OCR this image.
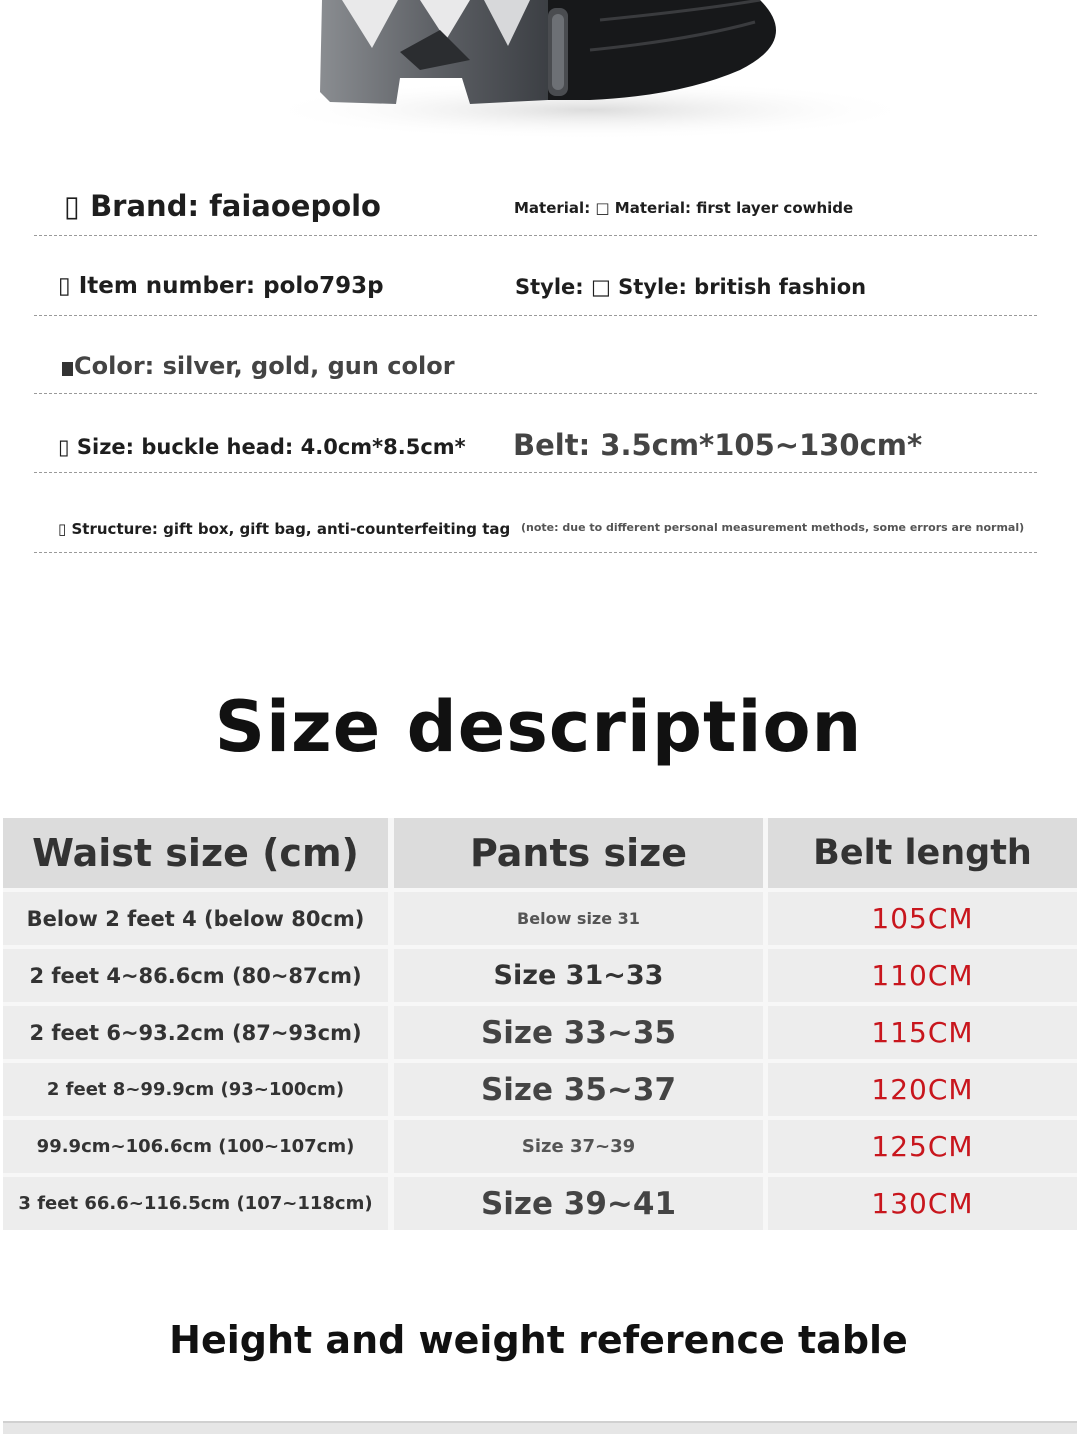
▯ Brand: faiaoepolo	Material: □ Material: first layer cowhide
▯ Item number: polo793p	Style: □ Style: british fashion
Color: silver, gold, gun color
▯ Size: buckle head: 4.0cm*8.5cm* Belt: 3.5cm*105~130cm*
▯ Structure: gift box, gift bag, anti-counterfeiting tag (note: due to different personal measurement methods, some errors are normal)
Size description
Waist size (cm)	Pants size	Belt length
Below 2 feet 4 (below 80cm)	Below size 31	105CM
2 feet 4~86.6cm (80~87cm)	Size 31~33	110CM
2 feet 6~93.2cm (87~93cm)	Size 33~35	115CM
2 feet 8~99.9cm (93~100cm)	Size 35~37	120CM
99.9cm~106.6cm (100~107cm)	Size 37~39	125CM
3 feet 66.6~116.5cm (107~118cm)	Size 39~41	130CM
Height and weight reference table
